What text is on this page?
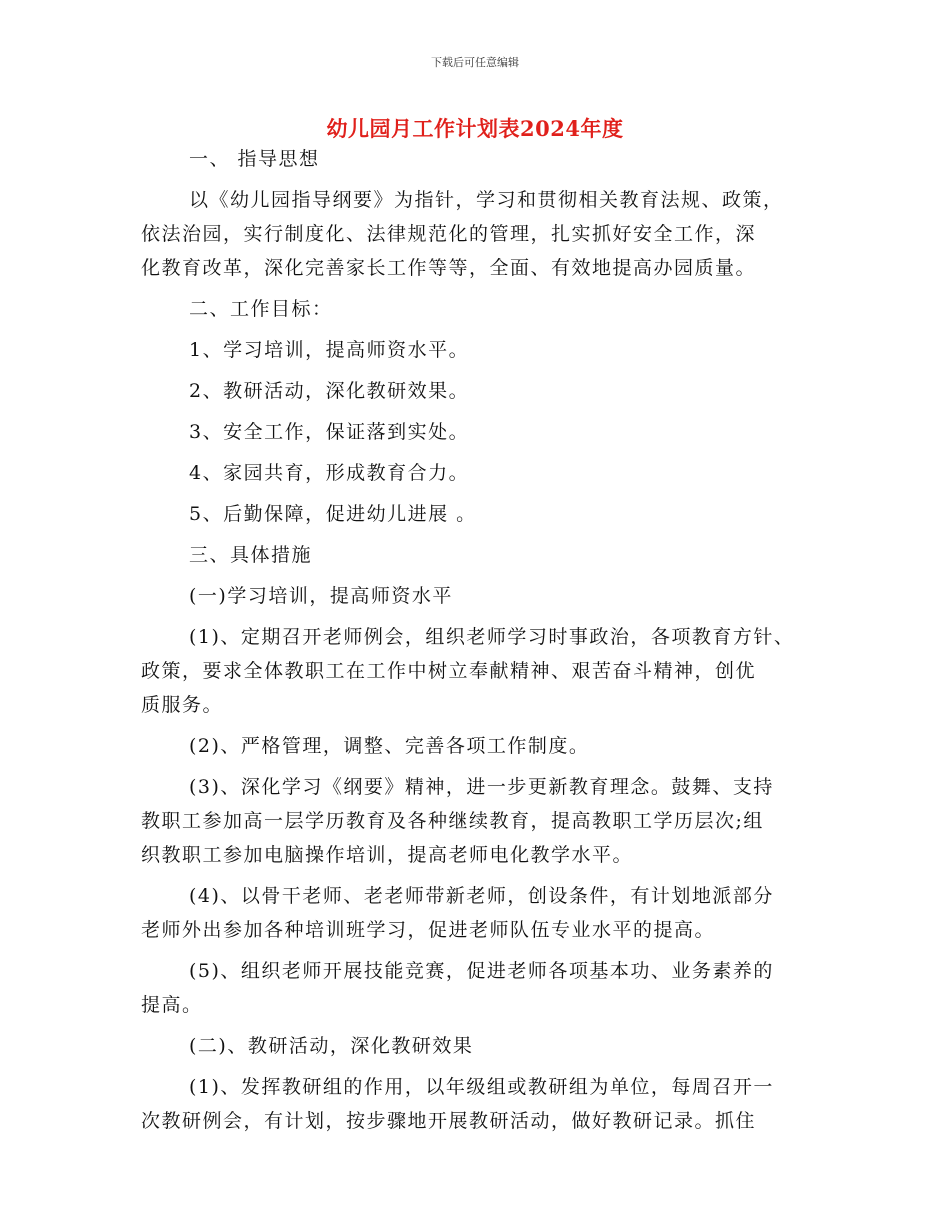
下载后可任意编辑
幼儿园月工作计划表2024年度
一、 指导思想
以《幼儿园指导纲要》为指针，学习和贯彻相关教育法规、政策，
依法治园，实行制度化、法律规范化的管理，扎实抓好安全工作，深
化教育改革，深化完善家长工作等等，全面、有效地提高办园质量。
二、工作目标：
1、学习培训，提高师资水平。
2、教研活动，深化教研效果。
3、安全工作，保证落到实处。
4、家园共育，形成教育合力。
5、后勤保障，促进幼儿进展 。
三、具体措施
(一)学习培训，提高师资水平
(1)、定期召开老师例会，组织老师学习时事政治，各项教育方针、
政策，要求全体教职工在工作中树立奉献精神、艰苦奋斗精神，创优
质服务。
(2)、严格管理，调整、完善各项工作制度。
(3)、深化学习《纲要》精神，进一步更新教育理念。鼓舞、支持
教职工参加高一层学历教育及各种继续教育，提高教职工学历层次;组
织教职工参加电脑操作培训，提高老师电化教学水平。
(4)、以骨干老师、老老师带新老师，创设条件，有计划地派部分
老师外出参加各种培训班学习，促进老师队伍专业水平的提高。
(5)、组织老师开展技能竞赛，促进老师各项基本功、业务素养的
提高。
(二)、教研活动，深化教研效果
(1)、发挥教研组的作用，以年级组或教研组为单位，每周召开一
次教研例会，有计划，按步骤地开展教研活动，做好教研记录。抓住
